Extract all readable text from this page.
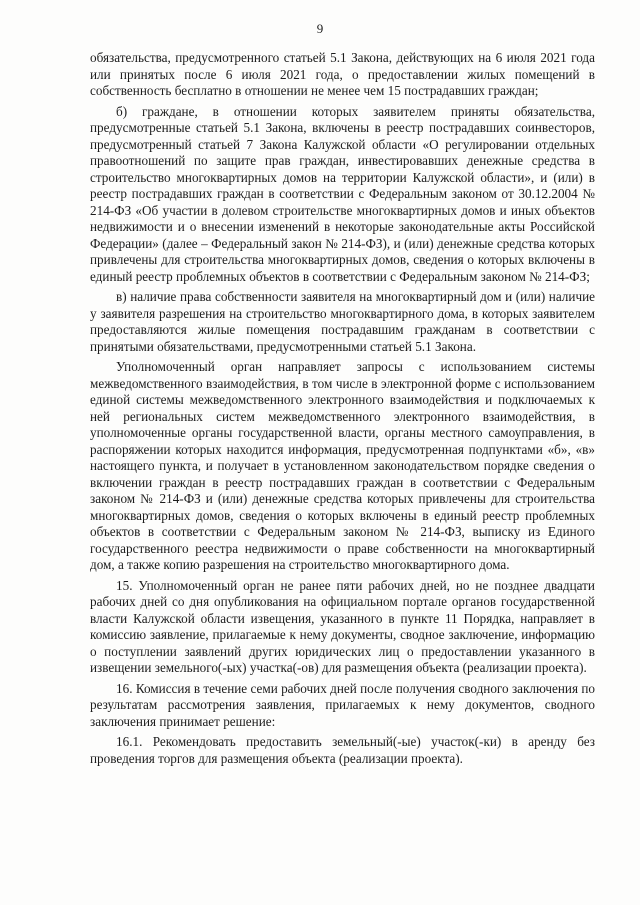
9

обязательства, предусмотренного статьей 5.1 Закона, действующих на 6 июля 2021 года или принятых после 6 июля 2021 года, о предоставлении жилых помещений в собственность бесплатно в отношении не менее чем 15 пострадавших граждан;

б) граждане, в отношении которых заявителем приняты обязательства, предусмотренные статьей 5.1 Закона, включены в реестр пострадавших соинвесторов, предусмотренный статьей 7 Закона Калужской области «О регулировании отдельных правоотношений по защите прав граждан, инвестировавших денежные средства в строительство многоквартирных домов на территории Калужской области», и (или) в реестр пострадавших граждан в соответствии с Федеральным законом от 30.12.2004 № 214-ФЗ «Об участии в долевом строительстве многоквартирных домов и иных объектов недвижимости и о внесении изменений в некоторые законодательные акты Российской Федерации» (далее – Федеральный закон № 214-ФЗ), и (или) денежные средства которых привлечены для строительства многоквартирных домов, сведения о которых включены в единый реестр проблемных объектов в соответствии с Федеральным законом № 214-ФЗ;

в) наличие права собственности заявителя на многоквартирный дом и (или) наличие у заявителя разрешения на строительство многоквартирного дома, в которых заявителем предоставляются жилые помещения пострадавшим гражданам в соответствии с принятыми обязательствами, предусмотренными статьей 5.1 Закона.

Уполномоченный орган направляет запросы с использованием системы межведомственного взаимодействия, в том числе в электронной форме с использованием единой системы межведомственного электронного взаимодействия и подключаемых к ней региональных систем межведомственного электронного взаимодействия, в уполномоченные органы государственной власти, органы местного самоуправления, в распоряжении которых находится информация, предусмотренная подпунктами «б», «в» настоящего пункта, и получает в установленном законодательством порядке сведения о включении граждан в реестр пострадавших граждан в соответствии с Федеральным законом № 214-ФЗ и (или) денежные средства которых привлечены для строительства многоквартирных домов, сведения о которых включены в единый реестр проблемных объектов в соответствии с Федеральным законом № 214-ФЗ, выписку из Единого государственного реестра недвижимости о праве собственности на многоквартирный дом, а также копию разрешения на строительство многоквартирного дома.

15. Уполномоченный орган не ранее пяти рабочих дней, но не позднее двадцати рабочих дней со дня опубликования на официальном портале органов государственной власти Калужской области извещения, указанного в пункте 11 Порядка, направляет в комиссию заявление, прилагаемые к нему документы, сводное заключение, информацию о поступлении заявлений других юридических лиц о предоставлении указанного в извещении земельного(-ых) участка(-ов) для размещения объекта (реализации проекта).

16. Комиссия в течение семи рабочих дней после получения сводного заключения по результатам рассмотрения заявления, прилагаемых к нему документов, сводного заключения принимает решение:

16.1. Рекомендовать предоставить земельный(-ые) участок(-ки) в аренду без проведения торгов для размещения объекта (реализации проекта).
